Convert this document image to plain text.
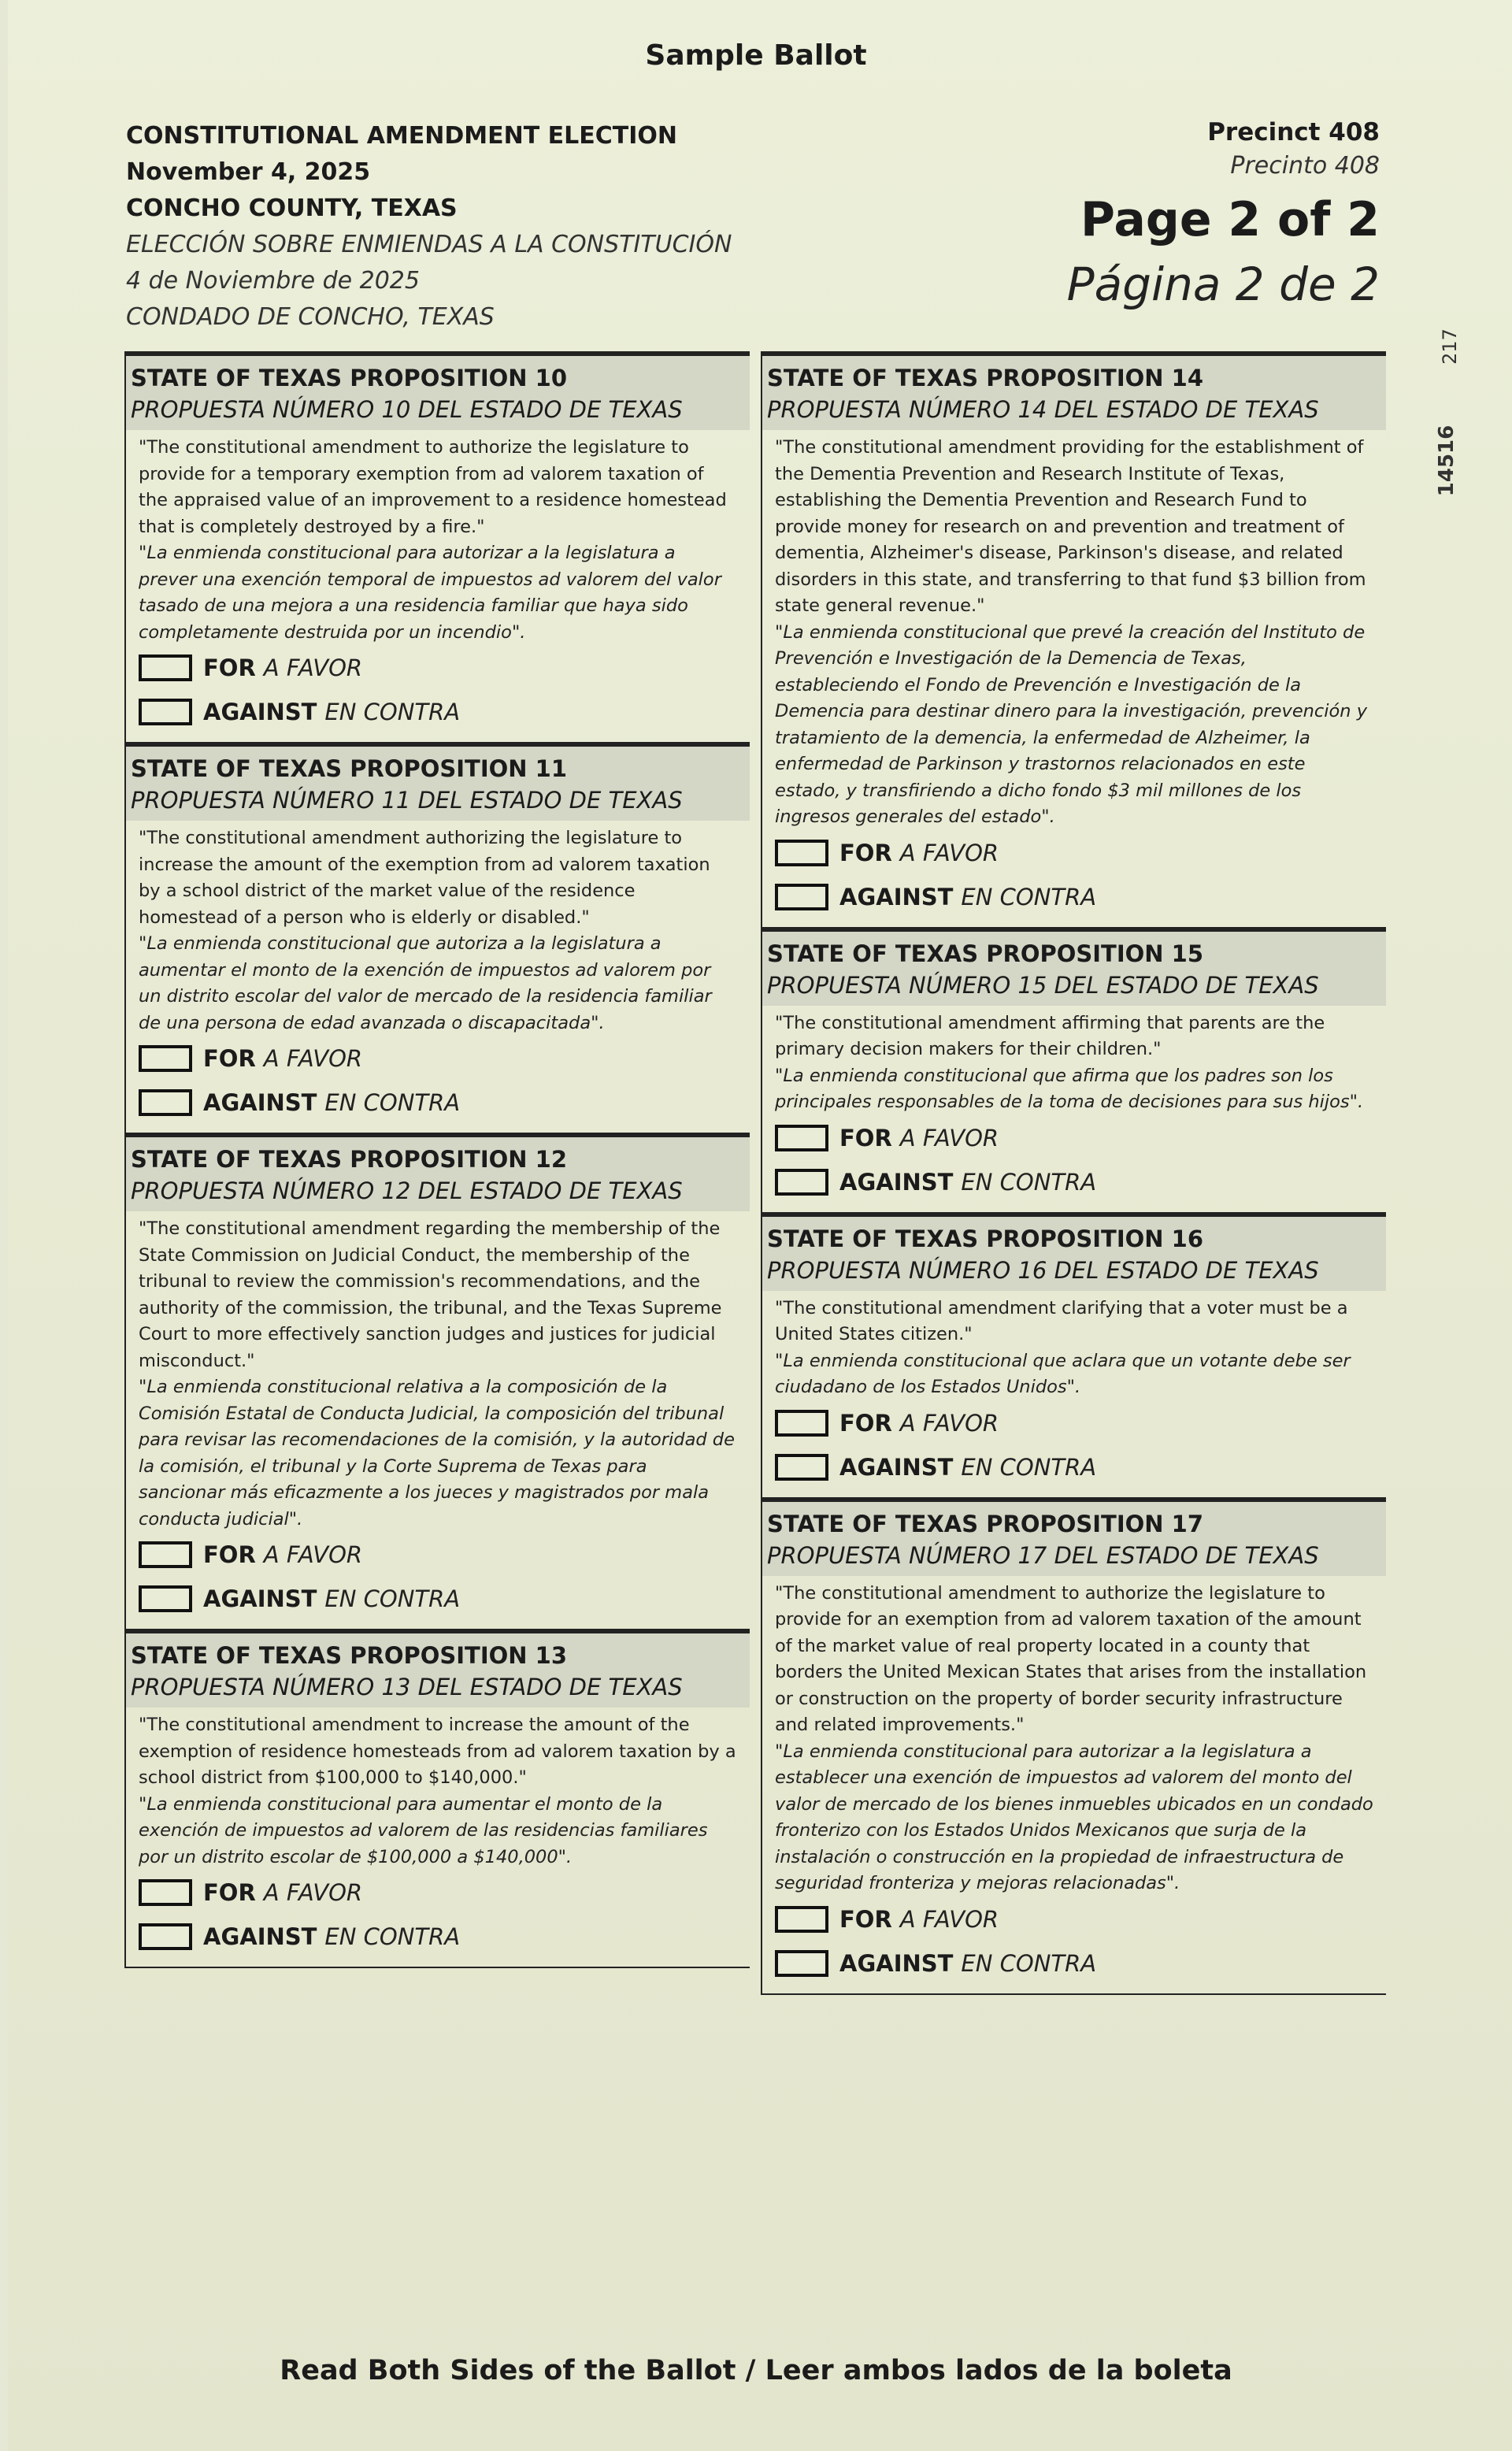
Sample Ballot
CONSTITUTIONAL AMENDMENT ELECTION
November 4, 2025
CONCHO COUNTY, TEXAS
ELECCIÓN SOBRE ENMIENDAS A LA CONSTITUCIÓN
4 de Noviembre de 2025
CONDADO DE CONCHO, TEXAS
Precinct 408
Precinto 408
Page 2 of 2
Página 2 de 2
217
14516
STATE OF TEXAS PROPOSITION 10
PROPUESTA NÚMERO 10 DEL ESTADO DE TEXAS
"The constitutional amendment to authorize the legislature to provide for a temporary exemption from ad valorem taxation of the appraised value of an improvement to a residence homestead that is completely destroyed by a fire."
"La enmienda constitucional para autorizar a la legislatura a prever una exención temporal de impuestos ad valorem del valor tasado de una mejora a una residencia familiar que haya sido completamente destruida por un incendio".
FOR A FAVOR
AGAINST EN CONTRA
STATE OF TEXAS PROPOSITION 11
PROPUESTA NÚMERO 11 DEL ESTADO DE TEXAS
"The constitutional amendment authorizing the legislature to increase the amount of the exemption from ad valorem taxation by a school district of the market value of the residence homestead of a person who is elderly or disabled."
"La enmienda constitucional que autoriza a la legislatura a aumentar el monto de la exención de impuestos ad valorem por un distrito escolar del valor de mercado de la residencia familiar de una persona de edad avanzada o discapacitada".
FOR A FAVOR
AGAINST EN CONTRA
STATE OF TEXAS PROPOSITION 12
PROPUESTA NÚMERO 12 DEL ESTADO DE TEXAS
"The constitutional amendment regarding the membership of the State Commission on Judicial Conduct, the membership of the tribunal to review the commission's recommendations, and the authority of the commission, the tribunal, and the Texas Supreme Court to more effectively sanction judges and justices for judicial misconduct."
"La enmienda constitucional relativa a la composición de la Comisión Estatal de Conducta Judicial, la composición del tribunal para revisar las recomendaciones de la comisión, y la autoridad de la comisión, el tribunal y la Corte Suprema de Texas para sancionar más eficazmente a los jueces y magistrados por mala conducta judicial".
FOR A FAVOR
AGAINST EN CONTRA
STATE OF TEXAS PROPOSITION 13
PROPUESTA NÚMERO 13 DEL ESTADO DE TEXAS
"The constitutional amendment to increase the amount of the exemption of residence homesteads from ad valorem taxation by a school district from $100,000 to $140,000."
"La enmienda constitucional para aumentar el monto de la exención de impuestos ad valorem de las residencias familiares por un distrito escolar de $100,000 a $140,000".
FOR A FAVOR
AGAINST EN CONTRA
STATE OF TEXAS PROPOSITION 14
PROPUESTA NÚMERO 14 DEL ESTADO DE TEXAS
"The constitutional amendment providing for the establishment of the Dementia Prevention and Research Institute of Texas, establishing the Dementia Prevention and Research Fund to provide money for research on and prevention and treatment of dementia, Alzheimer's disease, Parkinson's disease, and related disorders in this state, and transferring to that fund $3 billion from state general revenue."
"La enmienda constitucional que prevé la creación del Instituto de Prevención e Investigación de la Demencia de Texas, estableciendo el Fondo de Prevención e Investigación de la Demencia para destinar dinero para la investigación, prevención y tratamiento de la demencia, la enfermedad de Alzheimer, la enfermedad de Parkinson y trastornos relacionados en este estado, y transfiriendo a dicho fondo $3 mil millones de los ingresos generales del estado".
FOR A FAVOR
AGAINST EN CONTRA
STATE OF TEXAS PROPOSITION 15
PROPUESTA NÚMERO 15 DEL ESTADO DE TEXAS
"The constitutional amendment affirming that parents are the primary decision makers for their children."
"La enmienda constitucional que afirma que los padres son los principales responsables de la toma de decisiones para sus hijos".
FOR A FAVOR
AGAINST EN CONTRA
STATE OF TEXAS PROPOSITION 16
PROPUESTA NÚMERO 16 DEL ESTADO DE TEXAS
"The constitutional amendment clarifying that a voter must be a United States citizen."
"La enmienda constitucional que aclara que un votante debe ser ciudadano de los Estados Unidos".
FOR A FAVOR
AGAINST EN CONTRA
STATE OF TEXAS PROPOSITION 17
PROPUESTA NÚMERO 17 DEL ESTADO DE TEXAS
"The constitutional amendment to authorize the legislature to provide for an exemption from ad valorem taxation of the amount of the market value of real property located in a county that borders the United Mexican States that arises from the installation or construction on the property of border security infrastructure and related improvements."
"La enmienda constitucional para autorizar a la legislatura a establecer una exención de impuestos ad valorem del monto del valor de mercado de los bienes inmuebles ubicados en un condado fronterizo con los Estados Unidos Mexicanos que surja de la instalación o construcción en la propiedad de infraestructura de seguridad fronteriza y mejoras relacionadas".
FOR A FAVOR
AGAINST EN CONTRA
Read Both Sides of the Ballot / Leer ambos lados de la boleta
